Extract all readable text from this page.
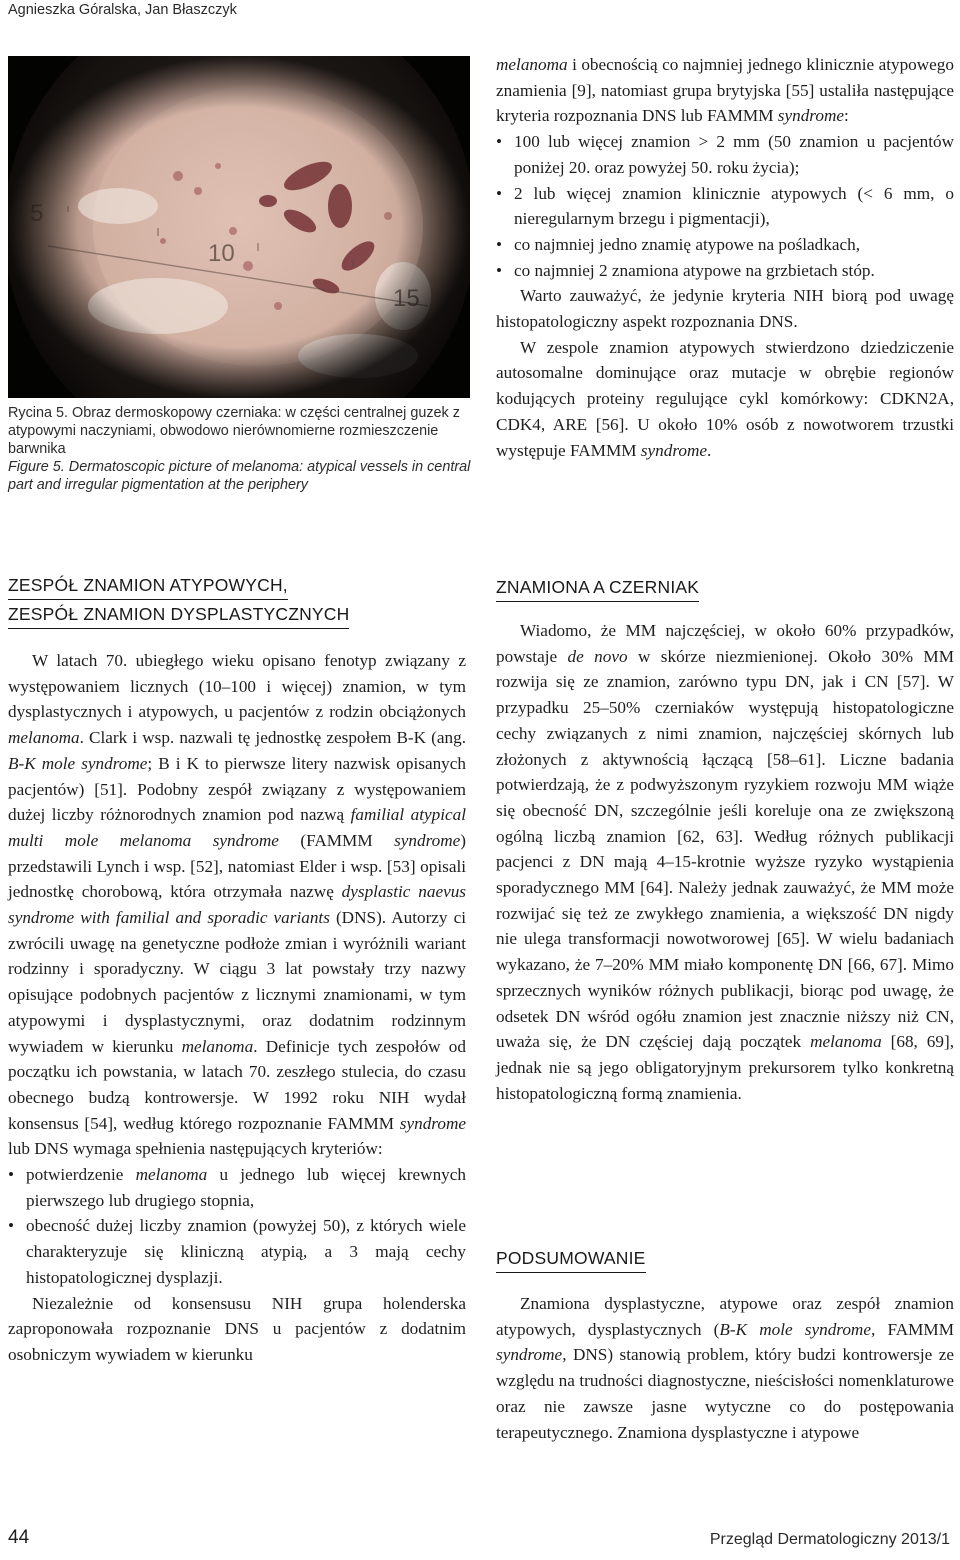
Agnieszka Góralska, Jan Błaszczyk

Rycina 5. Obraz dermoskopowy czerniaka: w części centralnej guzek z atypowymi naczyniami, obwodowo nierównomierne rozmieszczenie barwnika

Figure 5. Dermatoscopic picture of melanoma: atypical vessels in central part and irregular pigmentation at the periphery

melanoma i obecnością co najmniej jednego klinicznie atypowego znamienia [9], natomiast grupa brytyjska [55] ustaliła następujące kryteria rozpoznania DNS lub FAMMM syndrome:

• 100 lub więcej znamion > 2 mm (50 znamion u pacjentów poniżej 20. oraz powyżej 50. roku życia);
• 2 lub więcej znamion klinicznie atypowych (< 6 mm, o nieregularnym brzegu i pigmentacji),
• co najmniej jedno znamię atypowe na pośladkach,
• co najmniej 2 znamiona atypowe na grzbietach stóp.

Warto zauważyć, że jedynie kryteria NIH biorą pod uwagę histopatologiczny aspekt rozpoznania DNS.

W zespole znamion atypowych stwierdzono dziedziczenie autosomalne dominujące oraz mutacje w obrębie regionów kodujących proteiny regulujące cykl komórkowy: CDKN2A, CDK4, ARE [56]. U około 10% osób z nowotworem trzustki występuje FAMMM syndrome.

ZESPÓŁ ZNAMION ATYPOWYCH,
ZESPÓŁ ZNAMION DYSPLASTYCZNYCH

W latach 70. ubiegłego wieku opisano fenotyp związany z występowaniem licznych (10–100 i więcej) znamion, w tym dysplastycznych i atypowych, u pacjentów z rodzin obciążonych melanoma. Clark i wsp. nazwali tę jednostkę zespołem B-K (ang. B-K mole syndrome; B i K to pierwsze litery nazwisk opisanych pacjentów) [51]. Podobny zespół związany z występowaniem dużej liczby różnorodnych znamion pod nazwą familial atypical multi mole melanoma syndrome (FAMMM syndrome) przedstawili Lynch i wsp. [52], natomiast Elder i wsp. [53] opisali jednostkę chorobową, która otrzymała nazwę dysplastic naevus syndrome with familial and sporadic variants (DNS). Autorzy ci zwrócili uwagę na genetyczne podłoże zmian i wyróżnili wariant rodzinny i sporadyczny. W ciągu 3 lat powstały trzy nazwy opisujące podobnych pacjentów z licznymi znamionami, w tym atypowymi i dysplastycznymi, oraz dodatnim rodzinnym wywiadem w kierunku melanoma. Definicje tych zespołów od początku ich powstania, w latach 70. zeszłego stulecia, do czasu obecnego budzą kontrowersje. W 1992 roku NIH wydał konsensus [54], według którego rozpoznanie FAMMM syndrome lub DNS wymaga spełnienia następujących kryteriów:

• potwierdzenie melanoma u jednego lub więcej krewnych pierwszego lub drugiego stopnia,
• obecność dużej liczby znamion (powyżej 50), z których wiele charakteryzuje się kliniczną atypią, a 3 mają cechy histopatologicznej dysplazji.

Niezależnie od konsensusu NIH grupa holenderska zaproponowała rozpoznanie DNS u pacjentów z dodatnim osobniczym wywiadem w kierunku

ZNAMIONA A CZERNIAK

Wiadomo, że MM najczęściej, w około 60% przypadków, powstaje de novo w skórze niezmienionej. Około 30% MM rozwija się ze znamion, zarówno typu DN, jak i CN [57]. W przypadku 25–50% czerniaków występują histopatologiczne cechy związanych z nimi znamion, najczęściej skórnych lub złożonych z aktywnością łączącą [58–61]. Liczne badania potwierdzają, że z podwyższonym ryzykiem rozwoju MM wiąże się obecność DN, szczególnie jeśli koreluje ona ze zwiększoną ogólną liczbą znamion [62, 63]. Według różnych publikacji pacjenci z DN mają 4–15-krotnie wyższe ryzyko wystąpienia sporadycznego MM [64]. Należy jednak zauważyć, że MM może rozwijać się też ze zwykłego znamienia, a większość DN nigdy nie ulega transformacji nowotworowej [65]. W wielu badaniach wykazano, że 7–20% MM miało komponentę DN [66, 67]. Mimo sprzecznych wyników różnych publikacji, biorąc pod uwagę, że odsetek DN wśród ogółu znamion jest znacznie niższy niż CN, uważa się, że DN częściej dają początek melanoma [68, 69], jednak nie są jego obligatoryjnym prekursorem tylko konkretną histopatologiczną formą znamienia.

PODSUMOWANIE

Znamiona dysplastyczne, atypowe oraz zespół znamion atypowych, dysplastycznych (B-K mole syndrome, FAMMM syndrome, DNS) stanowią problem, który budzi kontrowersje ze względu na trudności diagnostyczne, nieścisłości nomenklaturowe oraz nie zawsze jasne wytyczne co do postępowania terapeutycznego. Znamiona dysplastyczne i atypowe

44	Przegląd Dermatologiczny 2013/1
